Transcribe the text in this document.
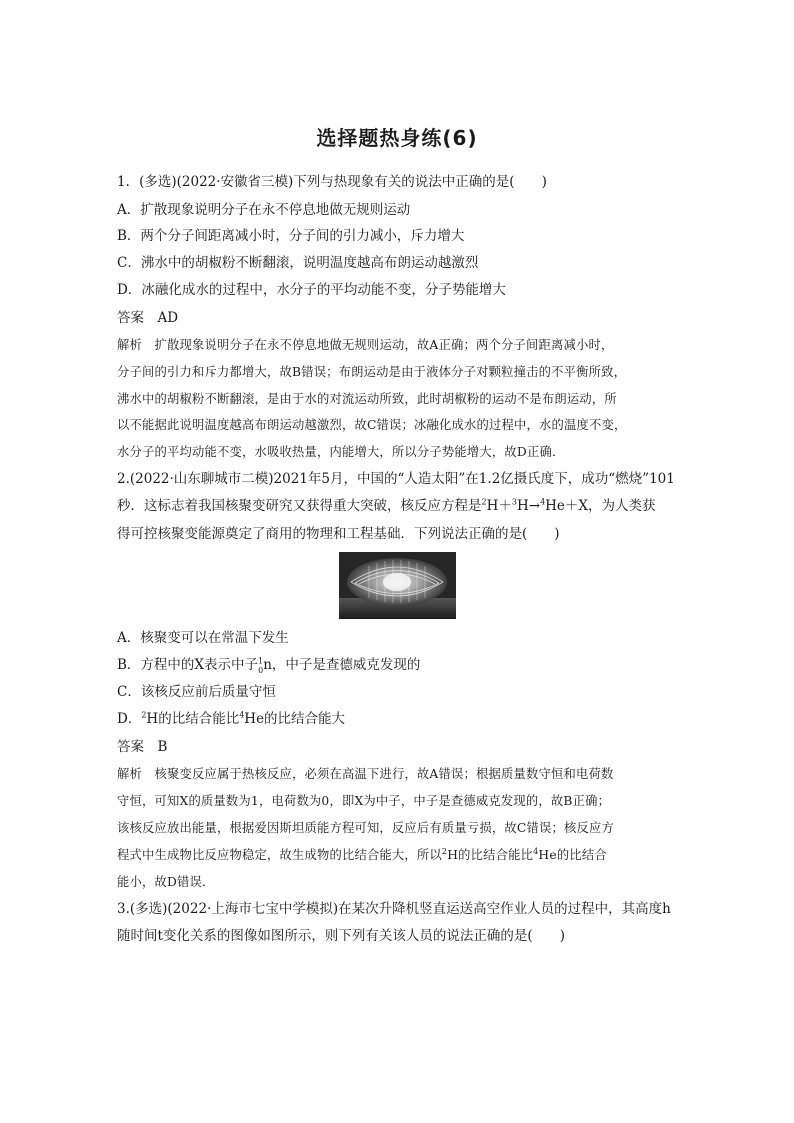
选择题热身练(6)
1．(多选)(2022·安徽省三模)下列与热现象有关的说法中正确的是(　　)
A．扩散现象说明分子在永不停息地做无规则运动
B．两个分子间距离减小时，分子间的引力减小，斥力增大
C．沸水中的胡椒粉不断翻滚，说明温度越高布朗运动越激烈
D．冰融化成水的过程中，水分子的平均动能不变，分子势能增大
答案　 AD
解析　 扩散现象说明分子在永不停息地做无规则运动，故A正确；两个分子间距离减小时，
分子间的引力和斥力都增大，故B错误；布朗运动是由于液体分子对颗粒撞击的不平衡所致，
沸水中的胡椒粉不断翻滚，是由于水的对流运动所致，此时胡椒粉的运动不是布朗运动，所
以不能据此说明温度越高布朗运动越激烈，故C错误；冰融化成水的过程中，水的温度不变，
水分子的平均动能不变，水吸收热量，内能增大，所以分子势能增大，故D正确．
2.(2022·山东聊城市二模)2021年5月，中国的“人造太阳”在1.2亿摄氏度下，成功“燃烧”101
秒．这标志着我国核聚变研究又获得重大突破，核反应方程是$^2$H＋$^3$H→$^4$He＋X，为人类获
得可控核聚变能源奠定了商用的物理和工程基础．下列说法正确的是(　　)
A．核聚变可以在常温下发生
B．方程中的X表示中子$^1_0$n，中子是查德威克发现的
C．该核反应前后质量守恒
D．$^2$H的比结合能比$^4$He的比结合能大
答案　 B
解析　 核聚变反应属于热核反应，必须在高温下进行，故A错误；根据质量数守恒和电荷数
守恒，可知X的质量数为1，电荷数为0，即X为中子，中子是查德威克发现的，故B正确；
该核反应放出能量，根据爱因斯坦质能方程可知，反应后有质量亏损，故C错误；核反应方
程式中生成物比反应物稳定，故生成物的比结合能大，所以$^2$H的比结合能比$^4$He的比结合
能小，故D错误．
3.(多选)(2022·上海市七宝中学模拟)在某次升降机竖直运送高空作业人员的过程中，其高度h
随时间t变化关系的图像如图所示，则下列有关该人员的说法正确的是(　　)
